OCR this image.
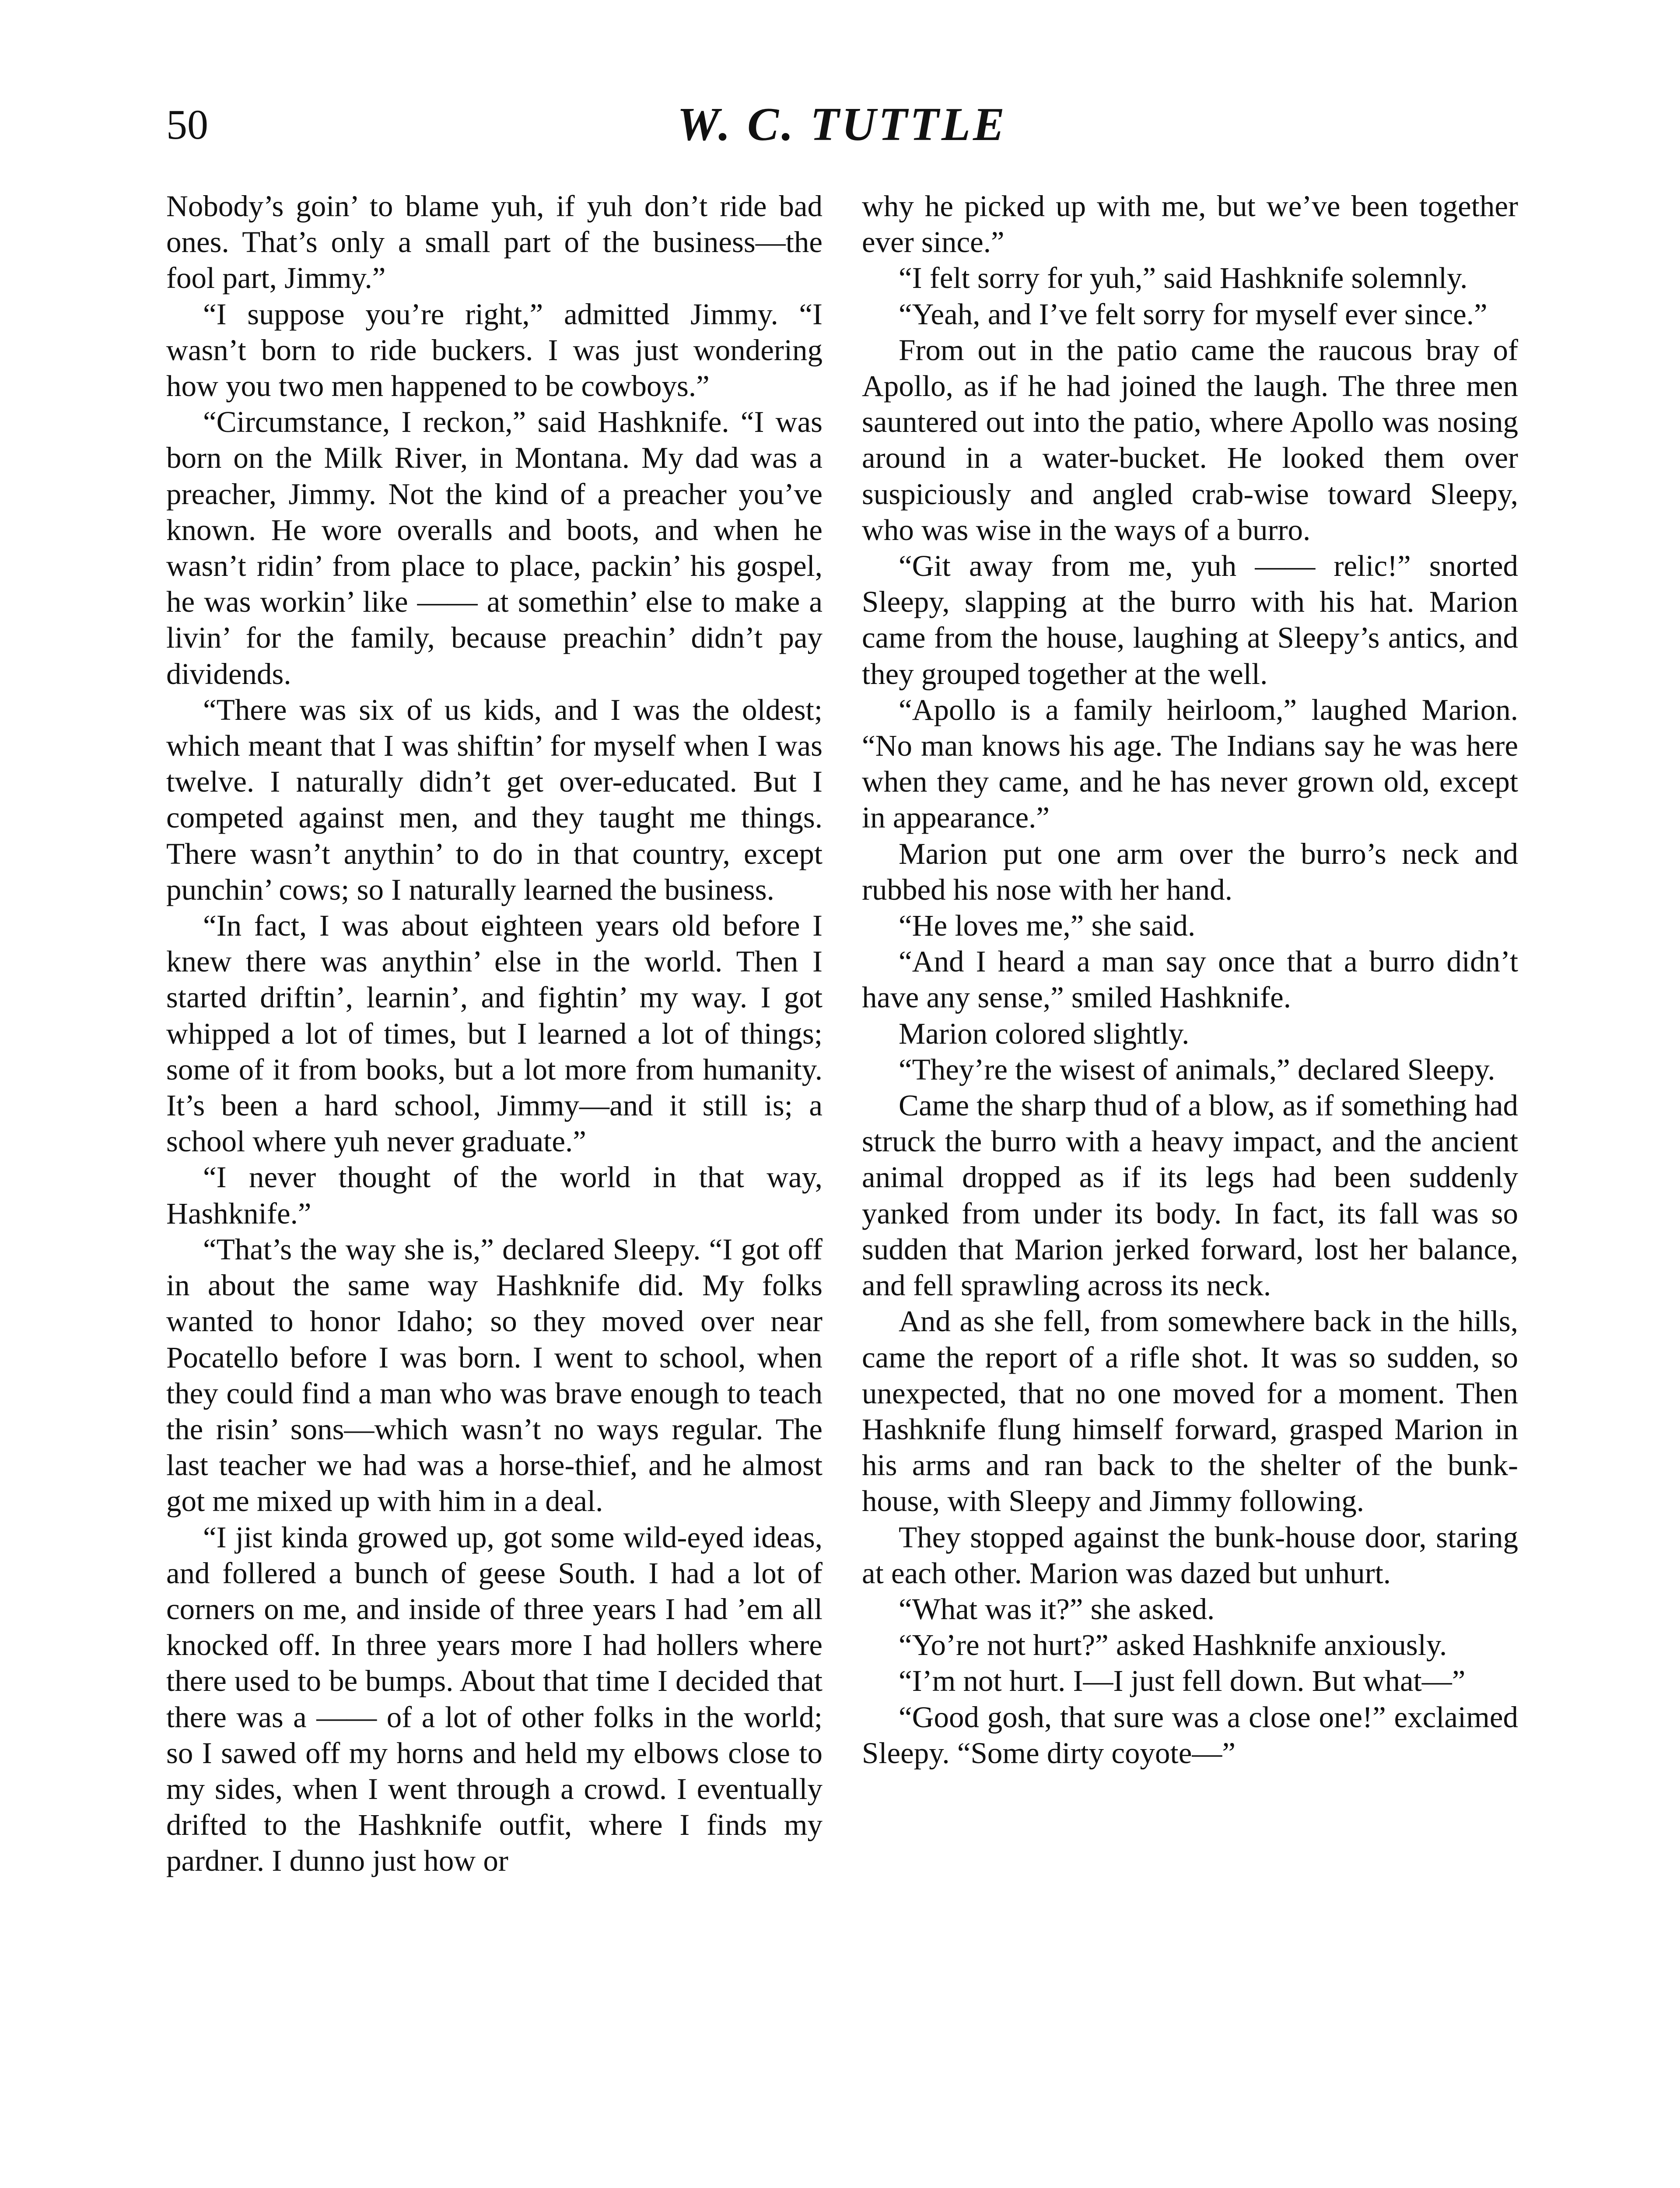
50	W. C. TUTTLE

Nobody’s goin’ to blame yuh, if yuh don’t ride bad ones. That’s only a small part of the business—the fool part, Jimmy.”

“I suppose you’re right,” admitted Jimmy. “I wasn’t born to ride buckers. I was just wondering how you two men happened to be cowboys.”

“Circumstance, I reckon,” said Hashknife. “I was born on the Milk River, in Montana. My dad was a preacher, Jimmy. Not the kind of a preacher you’ve known. He wore overalls and boots, and when he wasn’t ridin’ from place to place, packin’ his gospel, he was workin’ like —— at somethin’ else to make a livin’ for the family, because preachin’ didn’t pay dividends.

“There was six of us kids, and I was the oldest; which meant that I was shiftin’ for myself when I was twelve. I naturally didn’t get over-educated. But I competed against men, and they taught me things. There wasn’t anythin’ to do in that country, except punchin’ cows; so I naturally learned the business.

“In fact, I was about eighteen years old before I knew there was anythin’ else in the world. Then I started driftin’, learnin’, and fightin’ my way. I got whipped a lot of times, but I learned a lot of things; some of it from books, but a lot more from humanity. It’s been a hard school, Jimmy—and it still is; a school where yuh never graduate.”

“I never thought of the world in that way, Hashknife.”

“That’s the way she is,” declared Sleepy. “I got off in about the same way Hashknife did. My folks wanted to honor Idaho; so they moved over near Pocatello before I was born. I went to school, when they could find a man who was brave enough to teach the risin’ sons—which wasn’t no ways regular. The last teacher we had was a horse-thief, and he almost got me mixed up with him in a deal.

“I jist kinda growed up, got some wild-eyed ideas, and follered a bunch of geese South. I had a lot of corners on me, and inside of three years I had ’em all knocked off. In three years more I had hollers where there used to be bumps. About that time I decided that there was a —— of a lot of other folks in the world; so I sawed off my horns and held my elbows close to my sides, when I went through a crowd. I eventually drifted to the Hashknife outfit, where I finds my pardner. I dunno just how or

why he picked up with me, but we’ve been together ever since.”

“I felt sorry for yuh,” said Hashknife solemnly.

“Yeah, and I’ve felt sorry for myself ever since.”

From out in the patio came the raucous bray of Apollo, as if he had joined the laugh. The three men sauntered out into the patio, where Apollo was nosing around in a water-bucket. He looked them over suspiciously and angled crab-wise toward Sleepy, who was wise in the ways of a burro.

“Git away from me, yuh —— relic!” snorted Sleepy, slapping at the burro with his hat. Marion came from the house, laughing at Sleepy’s antics, and they grouped together at the well.

“Apollo is a family heirloom,” laughed Marion. “No man knows his age. The Indians say he was here when they came, and he has never grown old, except in appearance.”

Marion put one arm over the burro’s neck and rubbed his nose with her hand.

“He loves me,” she said.

“And I heard a man say once that a burro didn’t have any sense,” smiled Hashknife.

Marion colored slightly.

“They’re the wisest of animals,” declared Sleepy.

Came the sharp thud of a blow, as if something had struck the burro with a heavy impact, and the ancient animal dropped as if its legs had been suddenly yanked from under its body. In fact, its fall was so sudden that Marion jerked forward, lost her balance, and fell sprawling across its neck.

And as she fell, from somewhere back in the hills, came the report of a rifle shot. It was so sudden, so unexpected, that no one moved for a moment. Then Hashknife flung himself forward, grasped Marion in his arms and ran back to the shelter of the bunk-house, with Sleepy and Jimmy following.

They stopped against the bunk-house door, staring at each other. Marion was dazed but unhurt.

“What was it?” she asked.

“Yo’re not hurt?” asked Hashknife anxiously.

“I’m not hurt. I—I just fell down. But what—”

“Good gosh, that sure was a close one!” exclaimed Sleepy. “Some dirty coyote—”
